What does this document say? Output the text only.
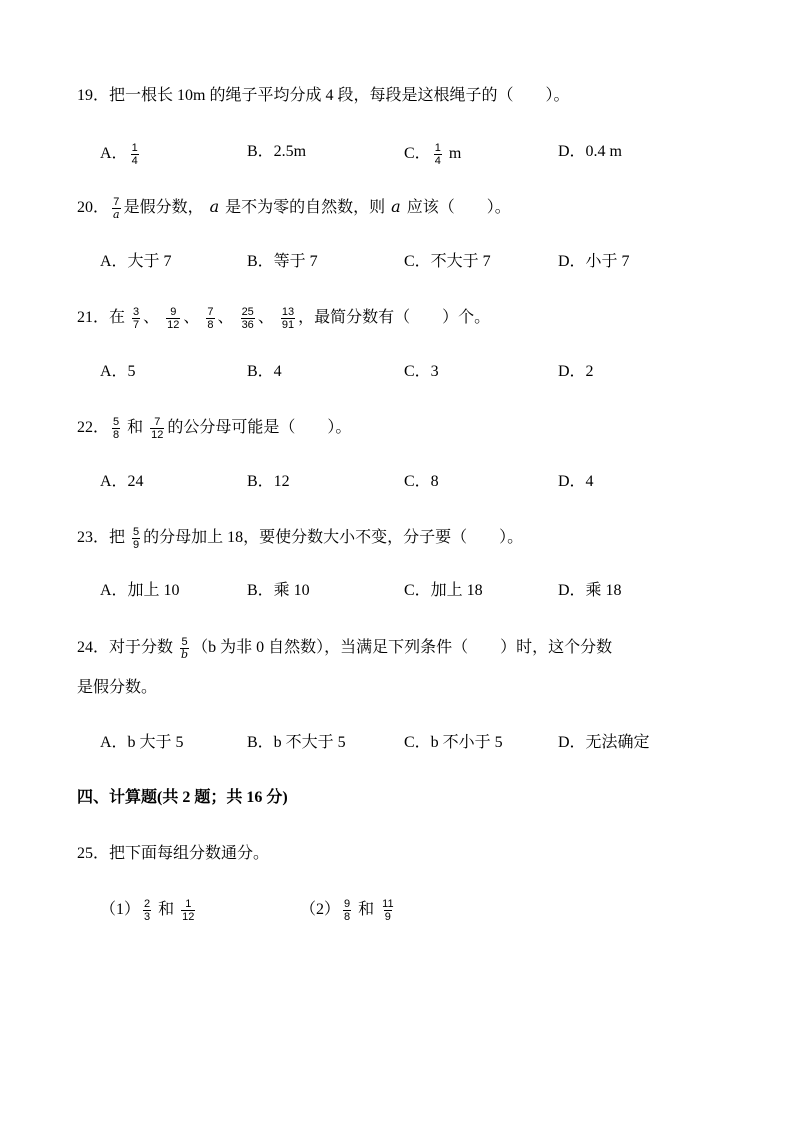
19．把一根长 10m 的绳子平均分成 4 段，每段是这根绳子的（　　）。
A． $\frac{1}{4}$	B．2.5m	C． $\frac{1}{4}$ m	D．0.4 m
20． $\frac{7}{a}$ 是假分数， a 是不为零的自然数，则 a 应该（　　）。
A．大于 7	B．等于 7	C．不大于 7	D．小于 7
21．在 $\frac{3}{7}$ 、 $\frac{9}{12}$ 、 $\frac{7}{8}$ 、 $\frac{25}{36}$ 、 $\frac{13}{91}$ ，最简分数有（　　）个。
A．5	B．4	C．3	D．2
22． $\frac{5}{8}$ 和 $\frac{7}{12}$ 的公分母可能是（　　）。
A．24	B．12	C．8	D．4
23．把 $\frac{5}{9}$ 的分母加上 18，要使分数大小不变，分子要（　　）。
A．加上 10	B．乘 10	C．加上 18	D．乘 18
24．对于分数 $\frac{5}{b} (b$ 为非 0 自然数），当满足下列条件（　　）时，这个分数
是假分数。
A．b 大于 5	B．b 不大于 5	C．b 不小于 5	D．无法确定
四、计算题(共 2 题；共 16 分)
25．把下面每组分数通分。
$(1) \frac{2}{3}$ 和 $\frac{1}{12}$	$(2) \frac{9}{8}$ 和 $\frac{11}{9}$
